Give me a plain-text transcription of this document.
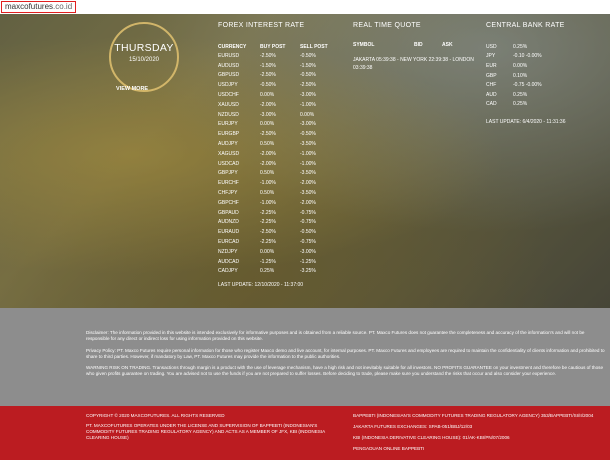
maxcofutures.co.id
THURSDAY
15/10/2020
VIEW MORE
FOREX INTEREST RATE	REAL TIME QUOTE	CENTRAL BANK RATE
CURRENCY	BUY POST	SELL POST
EURUSD	-2.50%	-0.50%
AUDUSD	-1.50%	-1.50%
GBPUSD	-2.50%	-0.50%
USDJPY	-0.50%	-2.50%
USDCHF	0.00%	-3.00%
XAUUSD	-2.00%	-1.00%
NZDUSD	-3.00%	0.00%
EURJPY	0.00%	-3.00%
EURGBP	-2.50%	-0.50%
AUDJPY	0.50%	-3.50%
XAGUSD	-2.00%	-1.00%
USDCAD	-2.00%	-1.00%
GBPJPY	0.50%	-3.50%
EURCHF	-1.00%	-2.00%
CHFJPY	0.50%	-3.50%
GBPCHF	-1.00%	-2.00%
GBPAUD	-2.25%	-0.75%
AUDNZD	-2.25%	-0.75%
EURAUD	-2.50%	-0.50%
EURCAD	-2.25%	-0.75%
NZDJPY	0.00%	-3.00%
AUDCAD	-1.25%	-1.25%
CADJPY	0.25%	-3.25%
LAST UPDATE: 12/10/2020 - 11:37:00
SYMBOL	BID	ASK
JAKARTA 05:39:38 - NEW YORK 22:39:38 - LONDON 03:39:38
USD	0.25%
JPY	-0.10 -0.00%
EUR	0.00%
GBP	0.10%
CHF	-0.75 -0.00%
AUD	0.25%
CAD	0.25%
LAST UPDATE: 6/4/2020 - 11:31:36

Disclaimer: The information provided in this website is intended exclusively for informative purposes and is obtained from a reliable source. PT. Maxco Futures does not guarantee the completeness and accuracy of the information's and will not be responsible for any direct or indirect loss for using information provided on this website.

Privacy Policy: PT. Maxco Futures require personal information for those who register Maxco demo and live account, for internal purposes. PT. Maxco Futures and employees are required to maintain the confidentiality of clients information and prohibited to share to third parties. However, if mandatory by Law, PT. Maxco Futures may provide the information to the public authorities.

WARNING RISK ON TRADING. Transactions through margin is a product with the use of leverage mechanism, have a high risk and not inevitably suitable for all investors. NO PROFITS GUARANTEE on your investment and therefore be cautious of those who given profits guarantee on trading. You are advised not to use the funds if you are not prepared to suffer losses. Before deciding to trade, please make sure you understand the risks that occur and also consider your experience.

COPYRIGHT © 2020 MAXCOFUTURES. ALL RIGHTS RESERVED
PT. MAXCOFUTURES OPERATES UNDER THE LICENSE AND SUPERVISION OF BAPPEBTI (INDONESIAN'S COMMODITY FUTURES TRADING REGULATORY AGENCY) AND ACTS AS A MEMBER OF JFX, KBI (INDONESIA CLEARING HOUSE)
BAPPEBTI (INDONESIAN'S COMMODITY FUTURES TRADING REGULATORY AGENCY) 353/BAPPEBTI/SI/II/2004
JAKARTA FUTURES EXCHANGES: SPAB-051/BBJ/12/03
KBI (INDONESIA DERIVATIVE CLEARING HOUSE): 01/AK-KBI/PN/07/2006
PENGADUAN ONLINE BAPPEBTI
